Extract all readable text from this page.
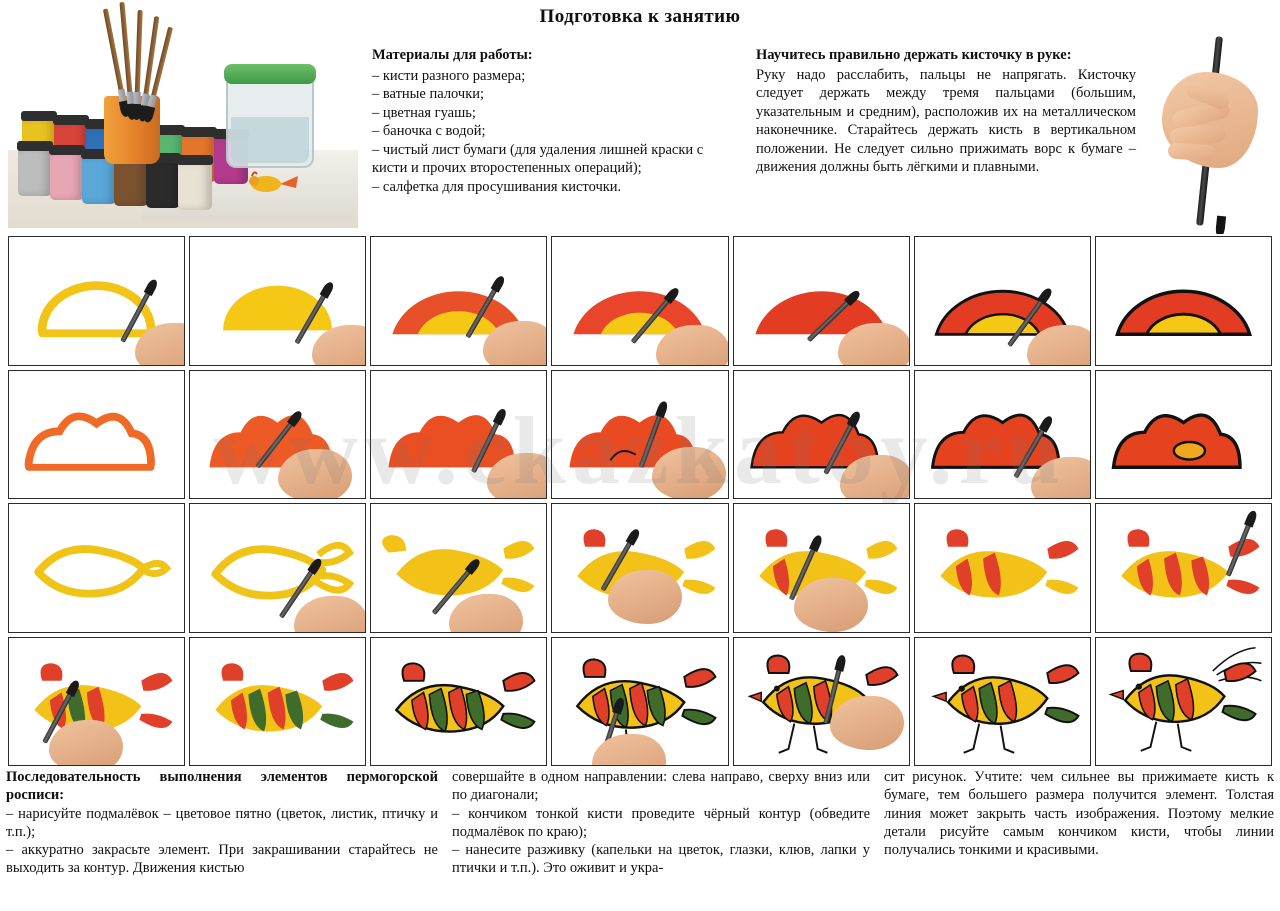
Подготовка к занятию
Материалы для работы:
– кисти разного размера;
– ватные палочки;
– цветная гуашь;
– баночка с водой;
– чистый лист бумаги (для удаления лишней краски с кисти и прочих второстепенных операций);
– салфетка для просушивания кисточки.
Научитесь правильно держать кисточку в руке:

Руку надо расслабить, пальцы не напрягать. Кисточку следует держать между тремя пальцами (большим, указательным и средним), расположив их на металлическом наконечнике. Старайтесь держать кисть в вертикальном положении. Не следует сильно прижимать ворс к бумаге – движения должны быть лёгкими и плавными.

Последовательность выполнения элементов пермогорской росписи:

– нарисуйте подмалёвок – цветовое пятно (цветок, листик, птичку и т.п.);

– аккуратно закрасьте элемент. При закрашивании старайтесь не выходить за контур. Движения кистью

совершайте в одном направлении: слева направо, сверху вниз или по диагонали;

– кончиком тонкой кисти проведите чёрный контур (обведите подмалёвок по краю);

– нанесите разживку (капельки на цветок, глазки, клюв, лапки у птички и т.п.). Это оживит и укра-

сит рисунок. Учтите: чем сильнее вы прижимаете кисть к бумаге, тем большего размера получится элемент. Толстая линия может закрыть часть изображения. Поэтому мелкие детали рисуйте самым кончиком кисти, чтобы линии получались тонкими и красивыми.
